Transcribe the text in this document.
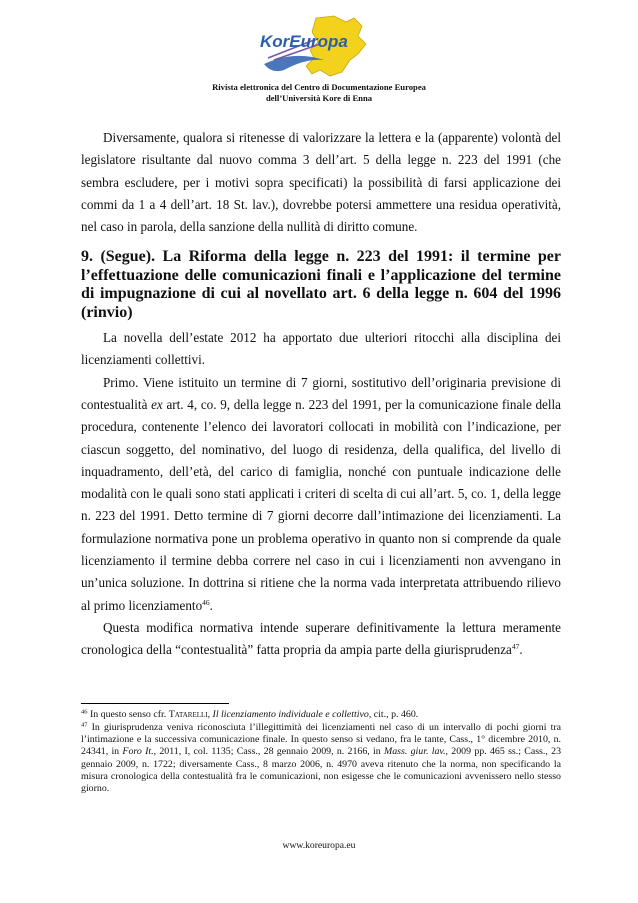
KorEuropa
Rivista elettronica del Centro di Documentazione Europea
dell’Università Kore di Enna

Diversamente, qualora si ritenesse di valorizzare la lettera e la (apparente) volontà del legislatore risultante dal nuovo comma 3 dell’art. 5 della legge n. 223 del 1991 (che sembra escludere, per i motivi sopra specificati) la possibilità di farsi applicazione dei commi da 1 a 4 dell’art. 18 St. lav.), dovrebbe potersi ammettere una residua operatività, nel caso in parola, della sanzione della nullità di diritto comune.

9. (Segue). La Riforma della legge n. 223 del 1991: il termine per l’effettuazione delle comunicazioni finali e l’applicazione del termine di impugnazione di cui al novellato art. 6 della legge n. 604 del 1996 (rinvio)

La novella dell’estate 2012 ha apportato due ulteriori ritocchi alla disciplina dei licenziamenti collettivi.

Primo. Viene istituito un termine di 7 giorni, sostitutivo dell’originaria previsione di contestualità ex art. 4, co. 9, della legge n. 223 del 1991, per la comunicazione finale della procedura, contenente l’elenco dei lavoratori collocati in mobilità con l’indicazione, per ciascun soggetto, del nominativo, del luogo di residenza, della qualifica, del livello di inquadramento, dell’età, del carico di famiglia, nonché con puntuale indicazione delle modalità con le quali sono stati applicati i criteri di scelta di cui all’art. 5, co. 1, della legge n. 223 del 1991. Detto termine di 7 giorni decorre dall’intimazione dei licenziamenti. La formulazione normativa pone un problema operativo in quanto non si comprende da quale licenziamento il termine debba correre nel caso in cui i licenziamenti non avvengano in un’unica soluzione. In dottrina si ritiene che la norma vada interpretata attribuendo rilievo al primo licenziamento$^{46}$.

Questa modifica normativa intende superare definitivamente la lettura meramente cronologica della “contestualità” fatta propria da ampia parte della giurisprudenza$^{47}$.

$^{46}$ In questo senso cfr. Tatarelli, Il licenziamento individuale e collettivo, cit., p. 460.

$^{47}$ In giurisprudenza veniva riconosciuta l’illegittimità dei licenziamenti nel caso di un intervallo di pochi giorni tra l’intimazione e la successiva comunicazione finale. In questo senso si vedano, fra le tante, Cass., 1° dicembre 2010, n. 24341, in Foro It., 2011, I, col. 1135; Cass., 28 gennaio 2009, n. 2166, in Mass. giur. lav., 2009 pp. 465 ss.; Cass., 23 gennaio 2009, n. 1722; diversamente Cass., 8 marzo 2006, n. 4970 aveva ritenuto che la norma, non specificando la misura cronologica della contestualità fra le comunicazioni, non esigesse che le comunicazioni avvenissero nello stesso giorno.

www.koreuropa.eu
